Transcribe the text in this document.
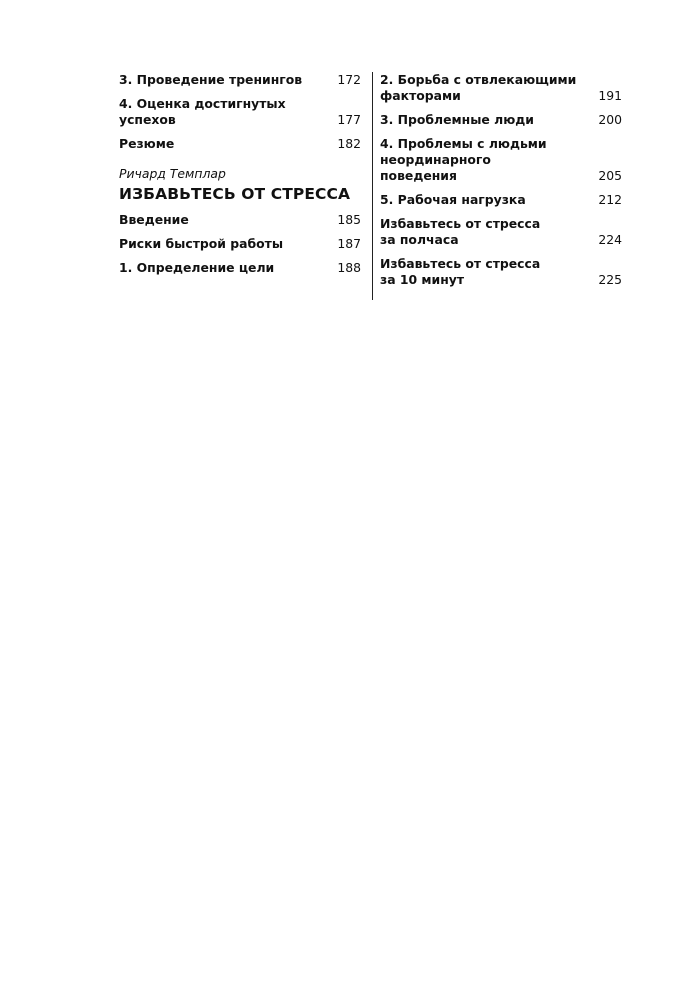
3. Проведение тренингов	172
4. Оценка достигнутых
успехов	177
Резюме	182
Ричард Темплар
ИЗБАВЬТЕСЬ ОТ СТРЕССА
Введение	185
Риски быстрой работы	187
1. Определение цели	188
2. Борьба с отвлекающими
факторами	191
3. Проблемные люди	200
4. Проблемы с людьми
неординарного
поведения	205
5. Рабочая нагрузка	212
Избавьтесь от стресса
за полчаса	224
Избавьтесь от стресса
за 10 минут	225
